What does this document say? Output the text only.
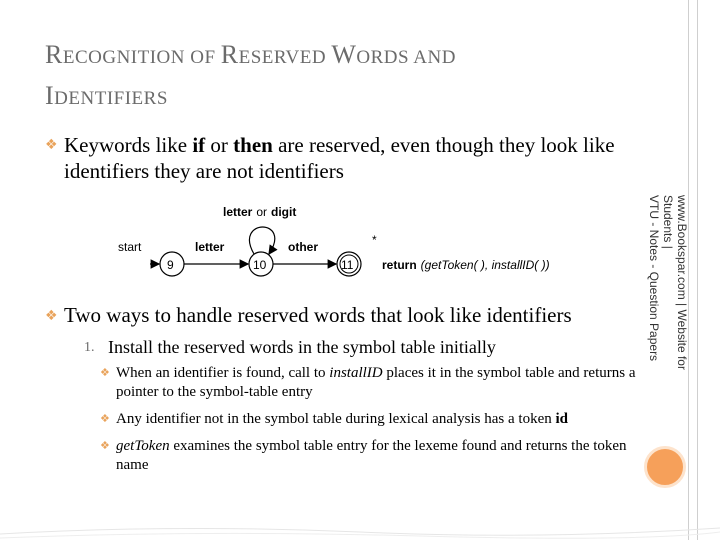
RECOGNITION OF RESERVED WORDS AND
IDENTIFIERS
❖ Keywords like if or then are reserved, even though they look like identifiers they are not identifiers
letter or digit
start
9
letter
10
other
11
*
return (getToken( ), installID( ))
❖ Two ways to handle reserved words that look like identifiers
1. Install the reserved words in the symbol table initially
❖ When an identifier is found, call to installID places it in the symbol table and returns a pointer to the symbol-table entry
❖ Any identifier not in the symbol table during lexical analysis has a token id
❖ getToken examines the symbol table entry for the lexeme found and returns the token name
www.Bookspar.com | Website for Students |
VTU - Notes - Question Papers
